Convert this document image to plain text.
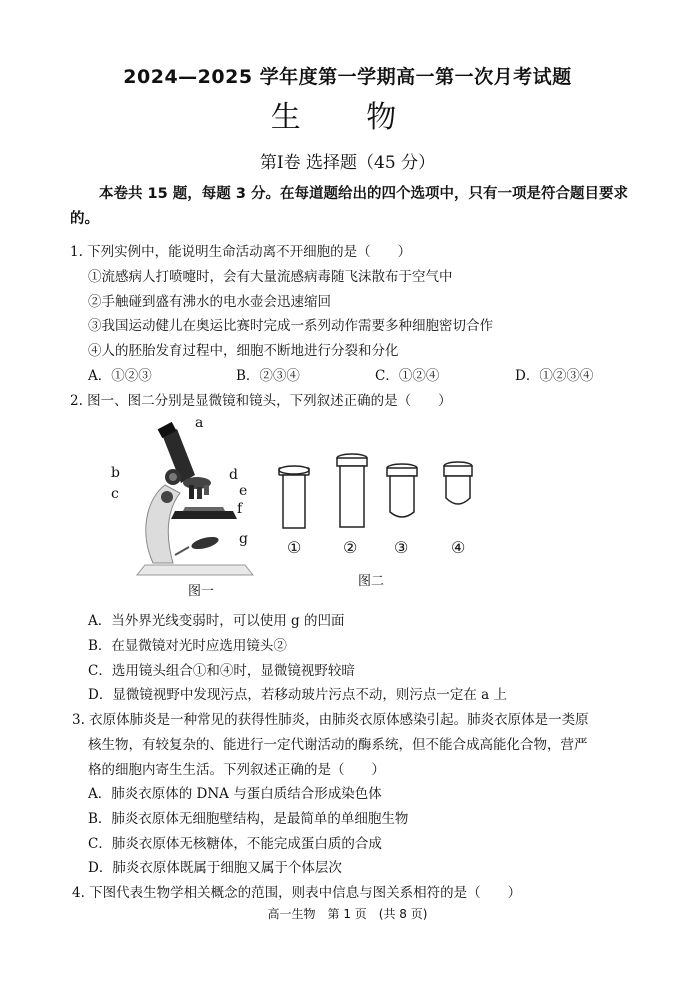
2024—2025 学年度第一学期高一第一次月考试题
生 物
第Ⅰ卷 选择题（45 分）
本卷共 15 题，每题 3 分。在每道题给出的四个选项中，只有一项是符合题目要求的。
1. 下列实例中，能说明生命活动离不开细胞的是（　　）
①流感病人打喷嚏时，会有大量流感病毒随飞沫散布于空气中
②手触碰到盛有沸水的电水壶会迅速缩回
③我国运动健儿在奥运比赛时完成一系列动作需要多种细胞密切合作
④人的胚胎发育过程中，细胞不断地进行分裂和分化
A．①②③	B．②③④	C．①②④	D．①②③④
2. 图一、图二分别是显微镜和镜头，下列叙述正确的是（　　）
a
b
c
d
e
f
g
图一
①	② ③	④
图二
A．当外界光线变弱时，可以使用 g 的凹面
B．在显微镜对光时应选用镜头②
C．选用镜头组合①和④时，显微镜视野较暗
D．显微镜视野中发现污点，若移动玻片污点不动，则污点一定在 a 上
3. 衣原体肺炎是一种常见的获得性肺炎，由肺炎衣原体感染引起。肺炎衣原体是一类原
核生物，有较复杂的、能进行一定代谢活动的酶系统，但不能合成高能化合物，营严
格的细胞内寄生生活。下列叙述正确的是（　　）
A．肺炎衣原体的 DNA 与蛋白质结合形成染色体
B．肺炎衣原体无细胞壁结构，是最简单的单细胞生物
C．肺炎衣原体无核糖体，不能完成蛋白质的合成
D．肺炎衣原体既属于细胞又属于个体层次
4. 下图代表生物学相关概念的范围，则表中信息与图关系相符的是（　　）
高一生物　第 1 页　(共 8 页)
